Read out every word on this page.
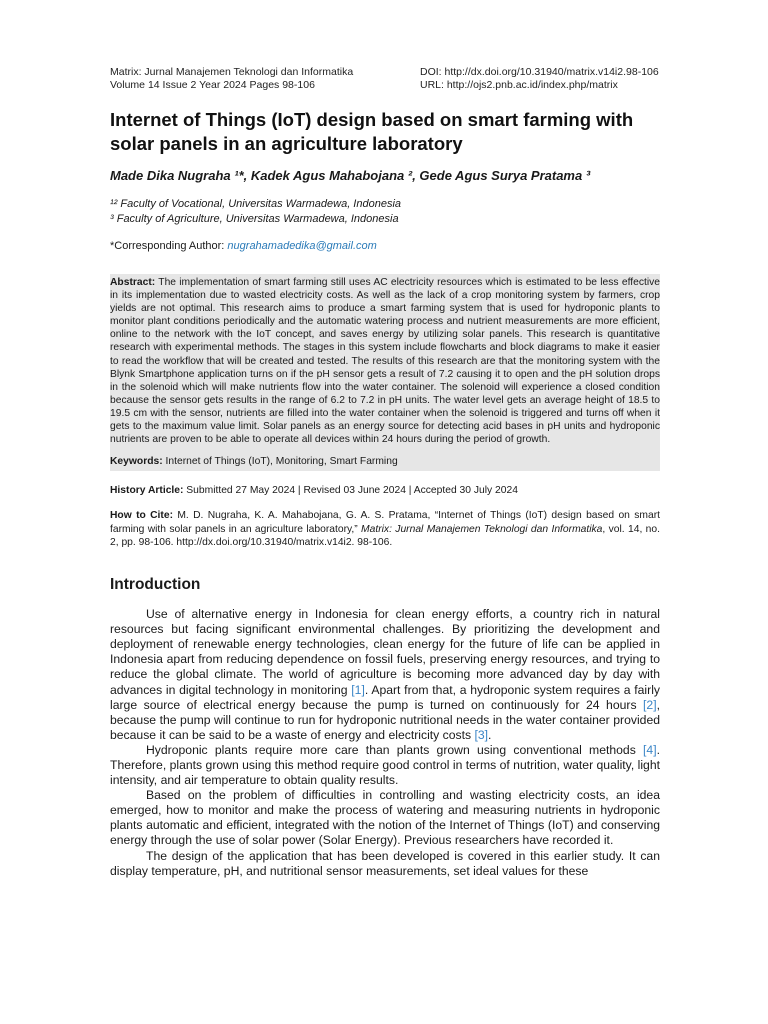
Matrix: Jurnal Manajemen Teknologi dan Informatika
Volume 14 Issue 2 Year 2024 Pages 98-106
DOI: http://dx.doi.org/10.31940/matrix.v14i2.98-106
URL: http://ojs2.pnb.ac.id/index.php/matrix
Internet of Things (IoT) design based on smart farming with solar panels in an agriculture laboratory
Made Dika Nugraha ¹*, Kadek Agus Mahabojana ², Gede Agus Surya Pratama ³
¹² Faculty of Vocational, Universitas Warmadewa, Indonesia
³ Faculty of Agriculture, Universitas Warmadewa, Indonesia
*Corresponding Author: nugrahamadedika@gmail.com

Abstract: The implementation of smart farming still uses AC electricity resources which is estimated to be less effective in its implementation due to wasted electricity costs. As well as the lack of a crop monitoring system by farmers, crop yields are not optimal. This research aims to produce a smart farming system that is used for hydroponic plants to monitor plant conditions periodically and the automatic watering process and nutrient measurements are more efficient, online to the network with the IoT concept, and saves energy by utilizing solar panels. This research is quantitative research with experimental methods. The stages in this system include flowcharts and block diagrams to make it easier to read the workflow that will be created and tested. The results of this research are that the monitoring system with the Blynk Smartphone application turns on if the pH sensor gets a result of 7.2 causing it to open and the pH solution drops in the solenoid which will make nutrients flow into the water container. The solenoid will experience a closed condition because the sensor gets results in the range of 6.2 to 7.2 in pH units. The water level gets an average height of 18.5 to 19.5 cm with the sensor, nutrients are filled into the water container when the solenoid is triggered and turns off when it gets to the maximum value limit. Solar panels as an energy source for detecting acid bases in pH units and hydroponic nutrients are proven to be able to operate all devices within 24 hours during the period of growth.

Keywords: Internet of Things (IoT), Monitoring, Smart Farming

History Article: Submitted 27 May 2024 | Revised 03 June 2024 | Accepted 30 July 2024
How to Cite: M. D. Nugraha, K. A. Mahabojana, G. A. S. Pratama, “Internet of Things (IoT) design based on smart farming with solar panels in an agriculture laboratory,” Matrix: Jurnal Manajemen Teknologi dan Informatika, vol. 14, no. 2, pp. 98-106. http://dx.doi.org/10.31940/matrix.v14i2. 98-106.
Introduction

Use of alternative energy in Indonesia for clean energy efforts, a country rich in natural resources but facing significant environmental challenges. By prioritizing the development and deployment of renewable energy technologies, clean energy for the future of life can be applied in Indonesia apart from reducing dependence on fossil fuels, preserving energy resources, and trying to reduce the global climate. The world of agriculture is becoming more advanced day by day with advances in digital technology in monitoring [1]. Apart from that, a hydroponic system requires a fairly large source of electrical energy because the pump is turned on continuously for 24 hours [2], because the pump will continue to run for hydroponic nutritional needs in the water container provided because it can be said to be a waste of energy and electricity costs [3].

Hydroponic plants require more care than plants grown using conventional methods [4]. Therefore, plants grown using this method require good control in terms of nutrition, water quality, light intensity, and air temperature to obtain quality results.

Based on the problem of difficulties in controlling and wasting electricity costs, an idea emerged, how to monitor and make the process of watering and measuring nutrients in hydroponic plants automatic and efficient, integrated with the notion of the Internet of Things (IoT) and conserving energy through the use of solar power (Solar Energy). Previous researchers have recorded it.

The design of the application that has been developed is covered in this earlier study. It can display temperature, pH, and nutritional sensor measurements, set ideal values for these
